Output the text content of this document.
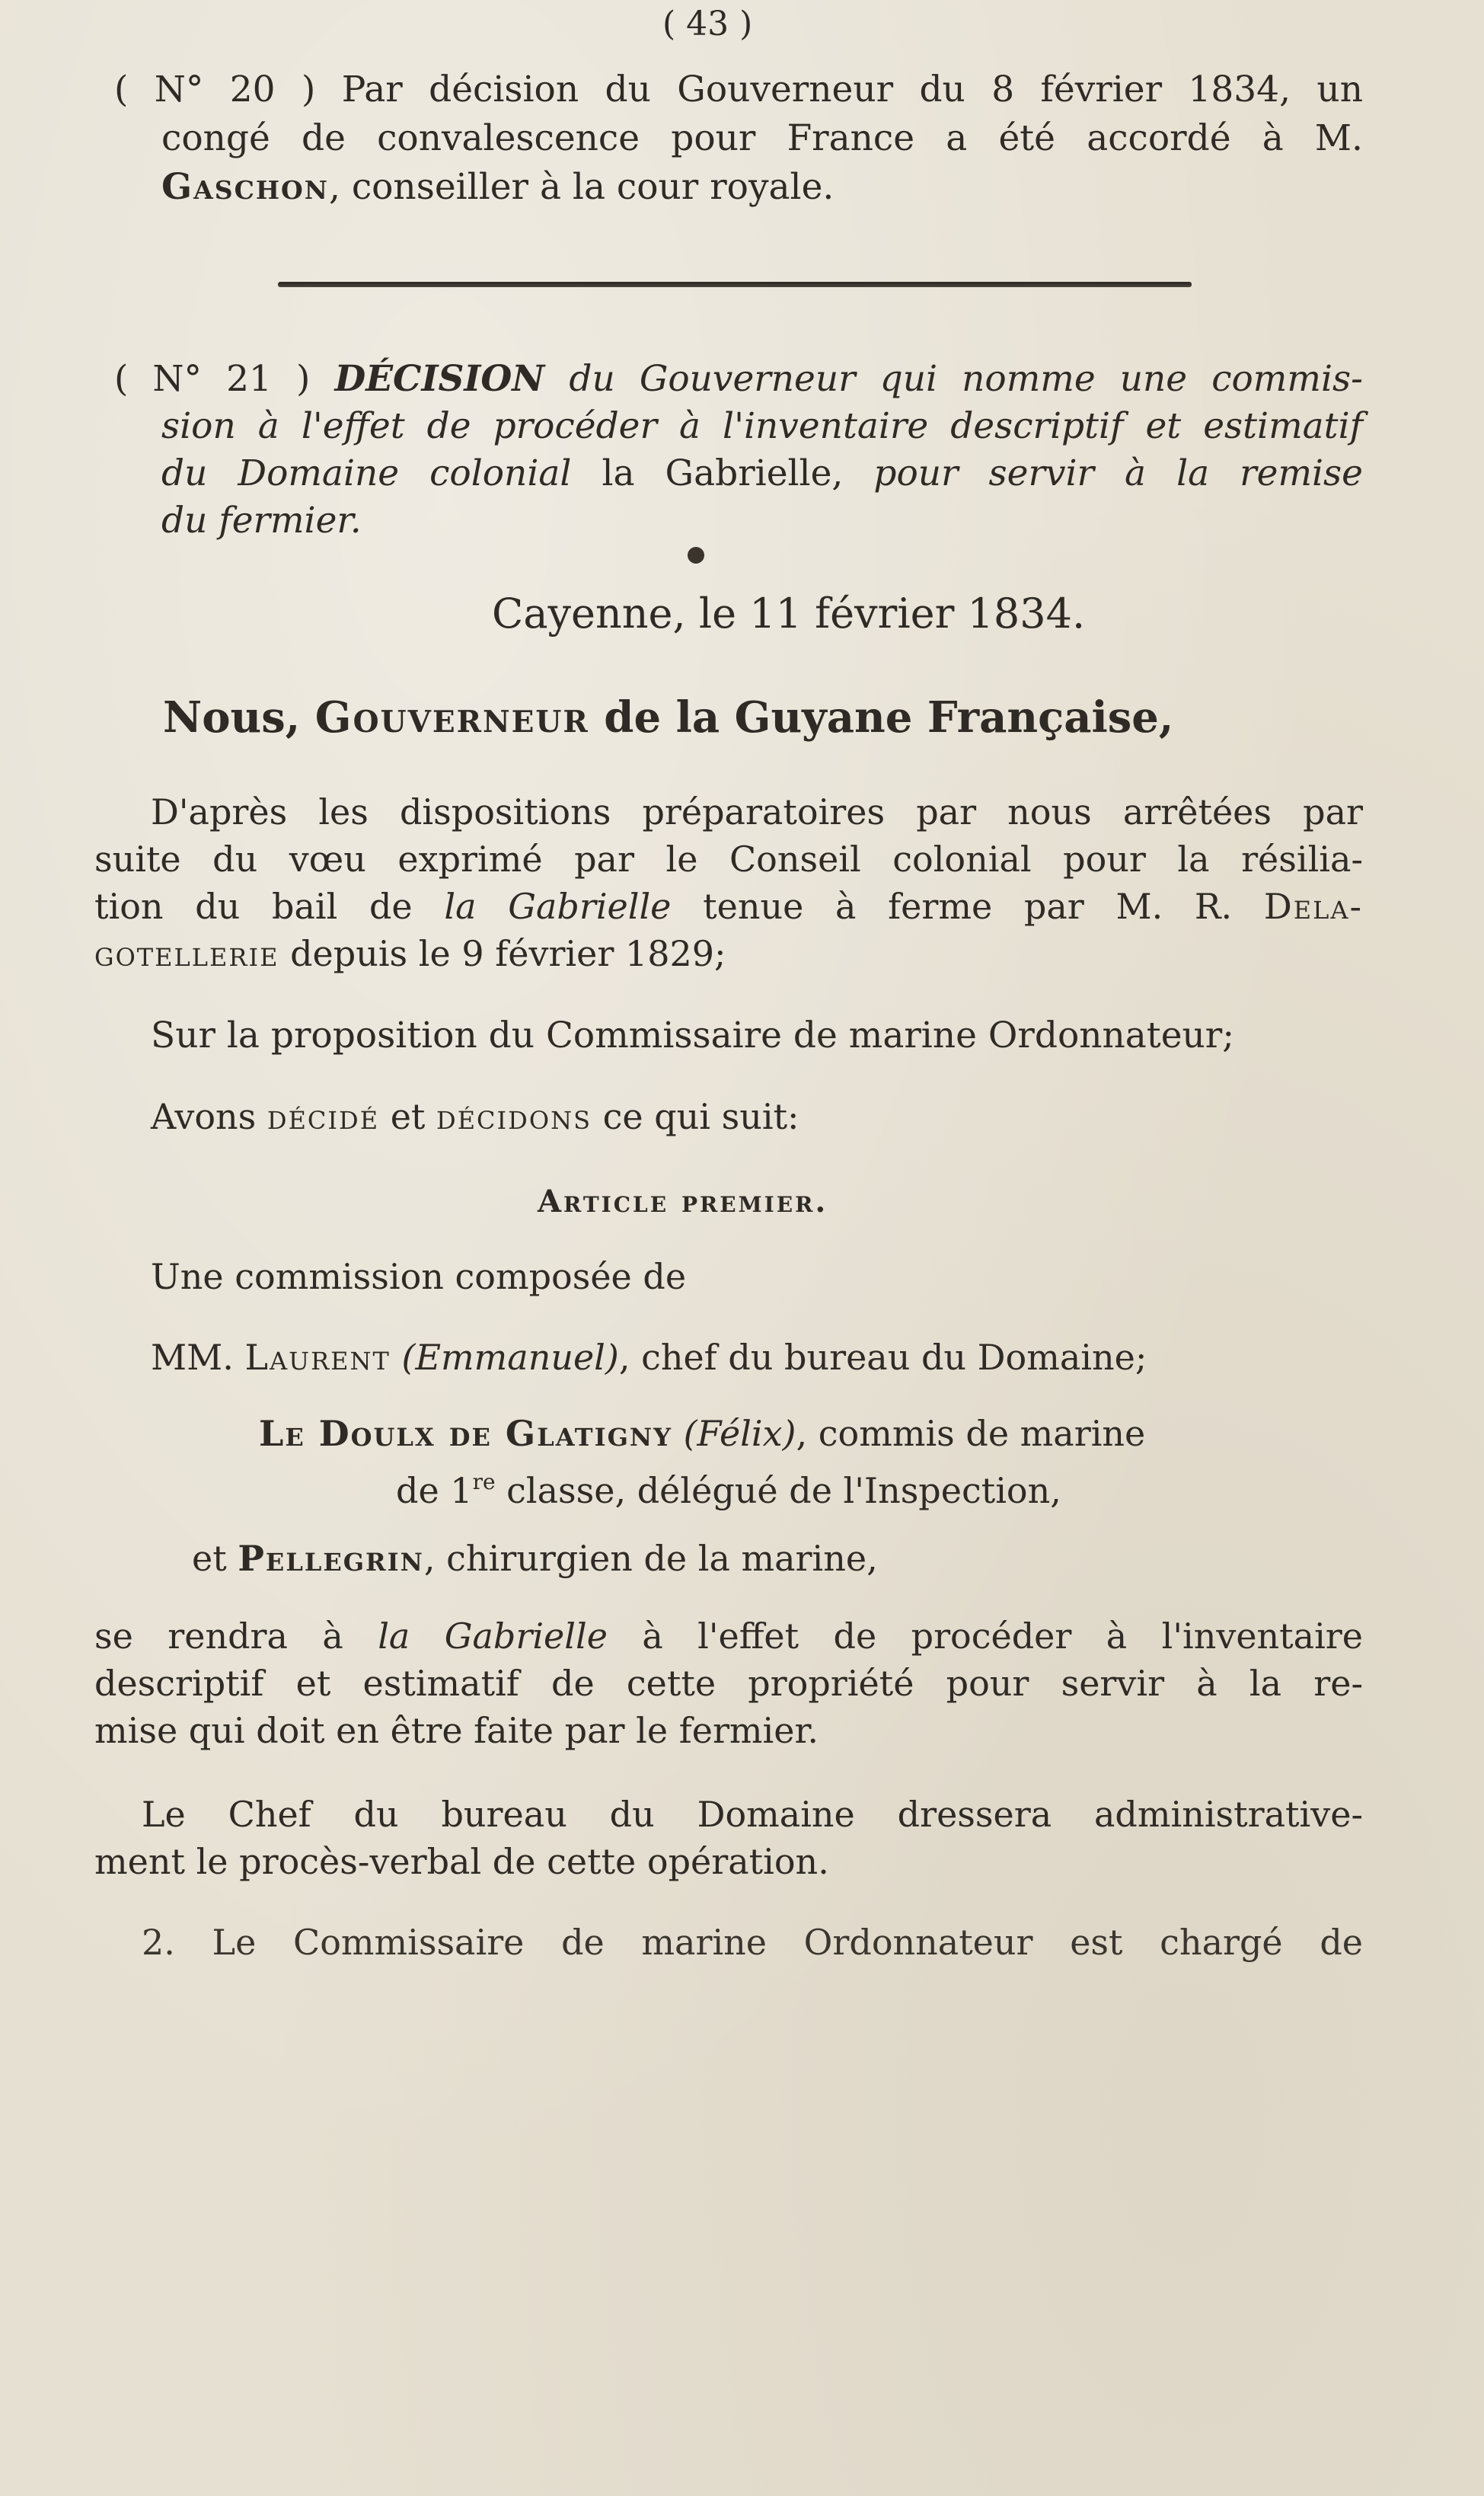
( 43 )
( N° 20 ) Par décision du Gouverneur du 8 février 1834, un
congé de convalescence pour France a été accordé à M.
Gaschon, conseiller à la cour royale.
( N° 21 ) DÉCISION du Gouverneur qui nomme une commis-
sion à l'effet de procéder à l'inventaire descriptif et estimatif
du Domaine colonial la Gabrielle, pour servir à la remise
du fermier.
Cayenne, le 11 février 1834.
Nous, Gouverneur de la Guyane Française,
D'après les dispositions préparatoires par nous arrêtées par
suite du vœu exprimé par le Conseil colonial pour la résilia-
tion du bail de la Gabrielle tenue à ferme par M. R. Dela-
gotellerie depuis le 9 février 1829;
Sur la proposition du Commissaire de marine Ordonnateur;
Avons décidé et décidons ce qui suit:
Article premier.
Une commission composée de
MM. Laurent (Emmanuel), chef du bureau du Domaine;
Le Doulx de Glatigny (Félix), commis de marine
de 1re classe, délégué de l'Inspection,
et Pellegrin, chirurgien de la marine,
se rendra à la Gabrielle à l'effet de procéder à l'inventaire
descriptif et estimatif de cette propriété pour servir à la re-
mise qui doit en être faite par le fermier.
Le Chef du bureau du Domaine dressera administrative-
ment le procès-verbal de cette opération.
2. Le Commissaire de marine Ordonnateur est chargé de
